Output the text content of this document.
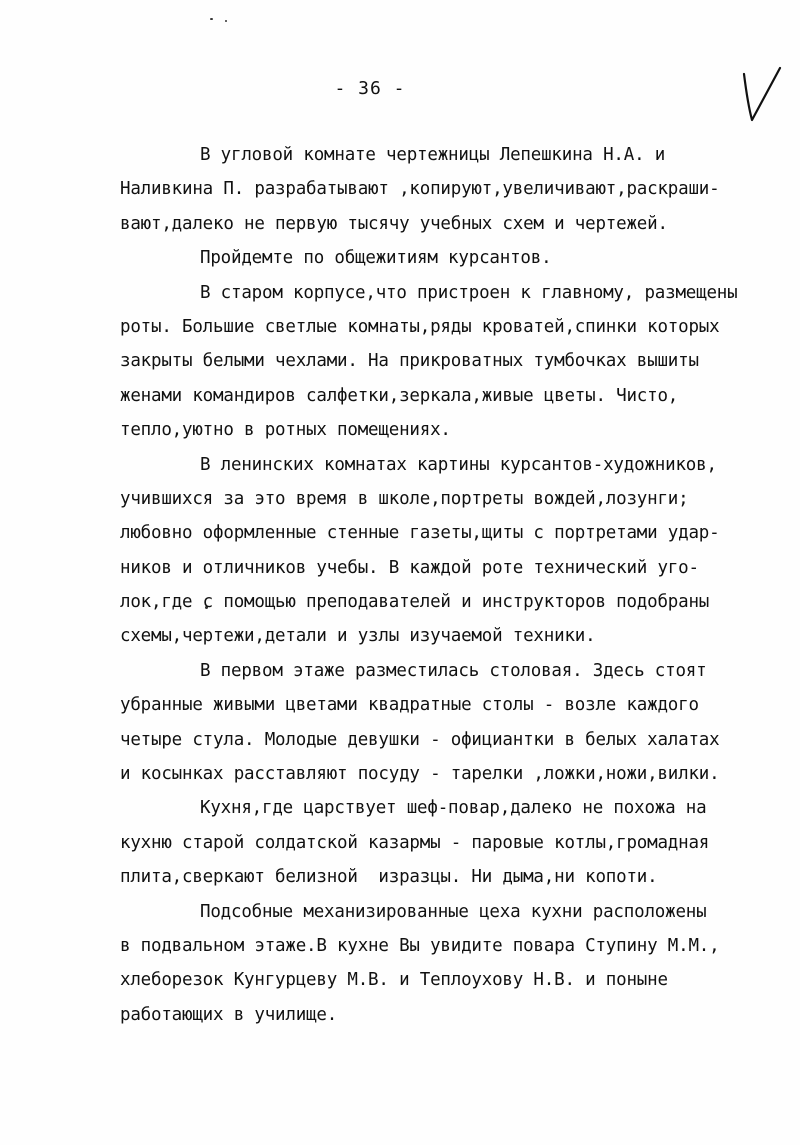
- 36 -
В угловой комнате чертежницы Лепешкина Н.А. и
Наливкина П. разрабатывают ,копируют,увеличивают,раскраши-
вают,далеко не первую тысячу учебных схем и чертежей.
Пройдемте по общежитиям курсантов.
В старом корпусе,что пристроен к главному, размещены
роты. Большие светлые комнаты,ряды кроватей,спинки которых
закрыты белыми чехлами. На прикроватных тумбочках вышиты
женами командиров салфетки,зеркала,живые цветы. Чисто,
тепло,уютно в ротных помещениях.
В ленинских комнатах картины курсантов-художников,
учившихся за это время в школе,портреты вождей,лозунги;
любовно оформленные стенные газеты,щиты с портретами удар-
ников и отличников учебы. В каждой роте технический уго-
лок,где с помощью преподавателей и инструкторов подобраны
схемы,чертежи,детали и узлы изучаемой техники.
В первом этаже разместилась столовая. Здесь стоят
убранные живыми цветами квадратные столы - возле каждого
четыре стула. Молодые девушки - официантки в белых халатах
и косынках расставляют посуду - тарелки ,ложки,ножи,вилки.
Кухня,где царствует шеф-повар,далеко не похожа на
кухню старой солдатской казармы - паровые котлы,громадная
плита,сверкают белизной  изразцы. Ни дыма,ни копоти.
Подсобные механизированные цеха кухни расположены
в подвальном этаже.В кухне Вы увидите повара Ступину М.М.,
хлеборезок Кунгурцеву М.В. и Теплоухову Н.В. и поныне
работающих в училище.
